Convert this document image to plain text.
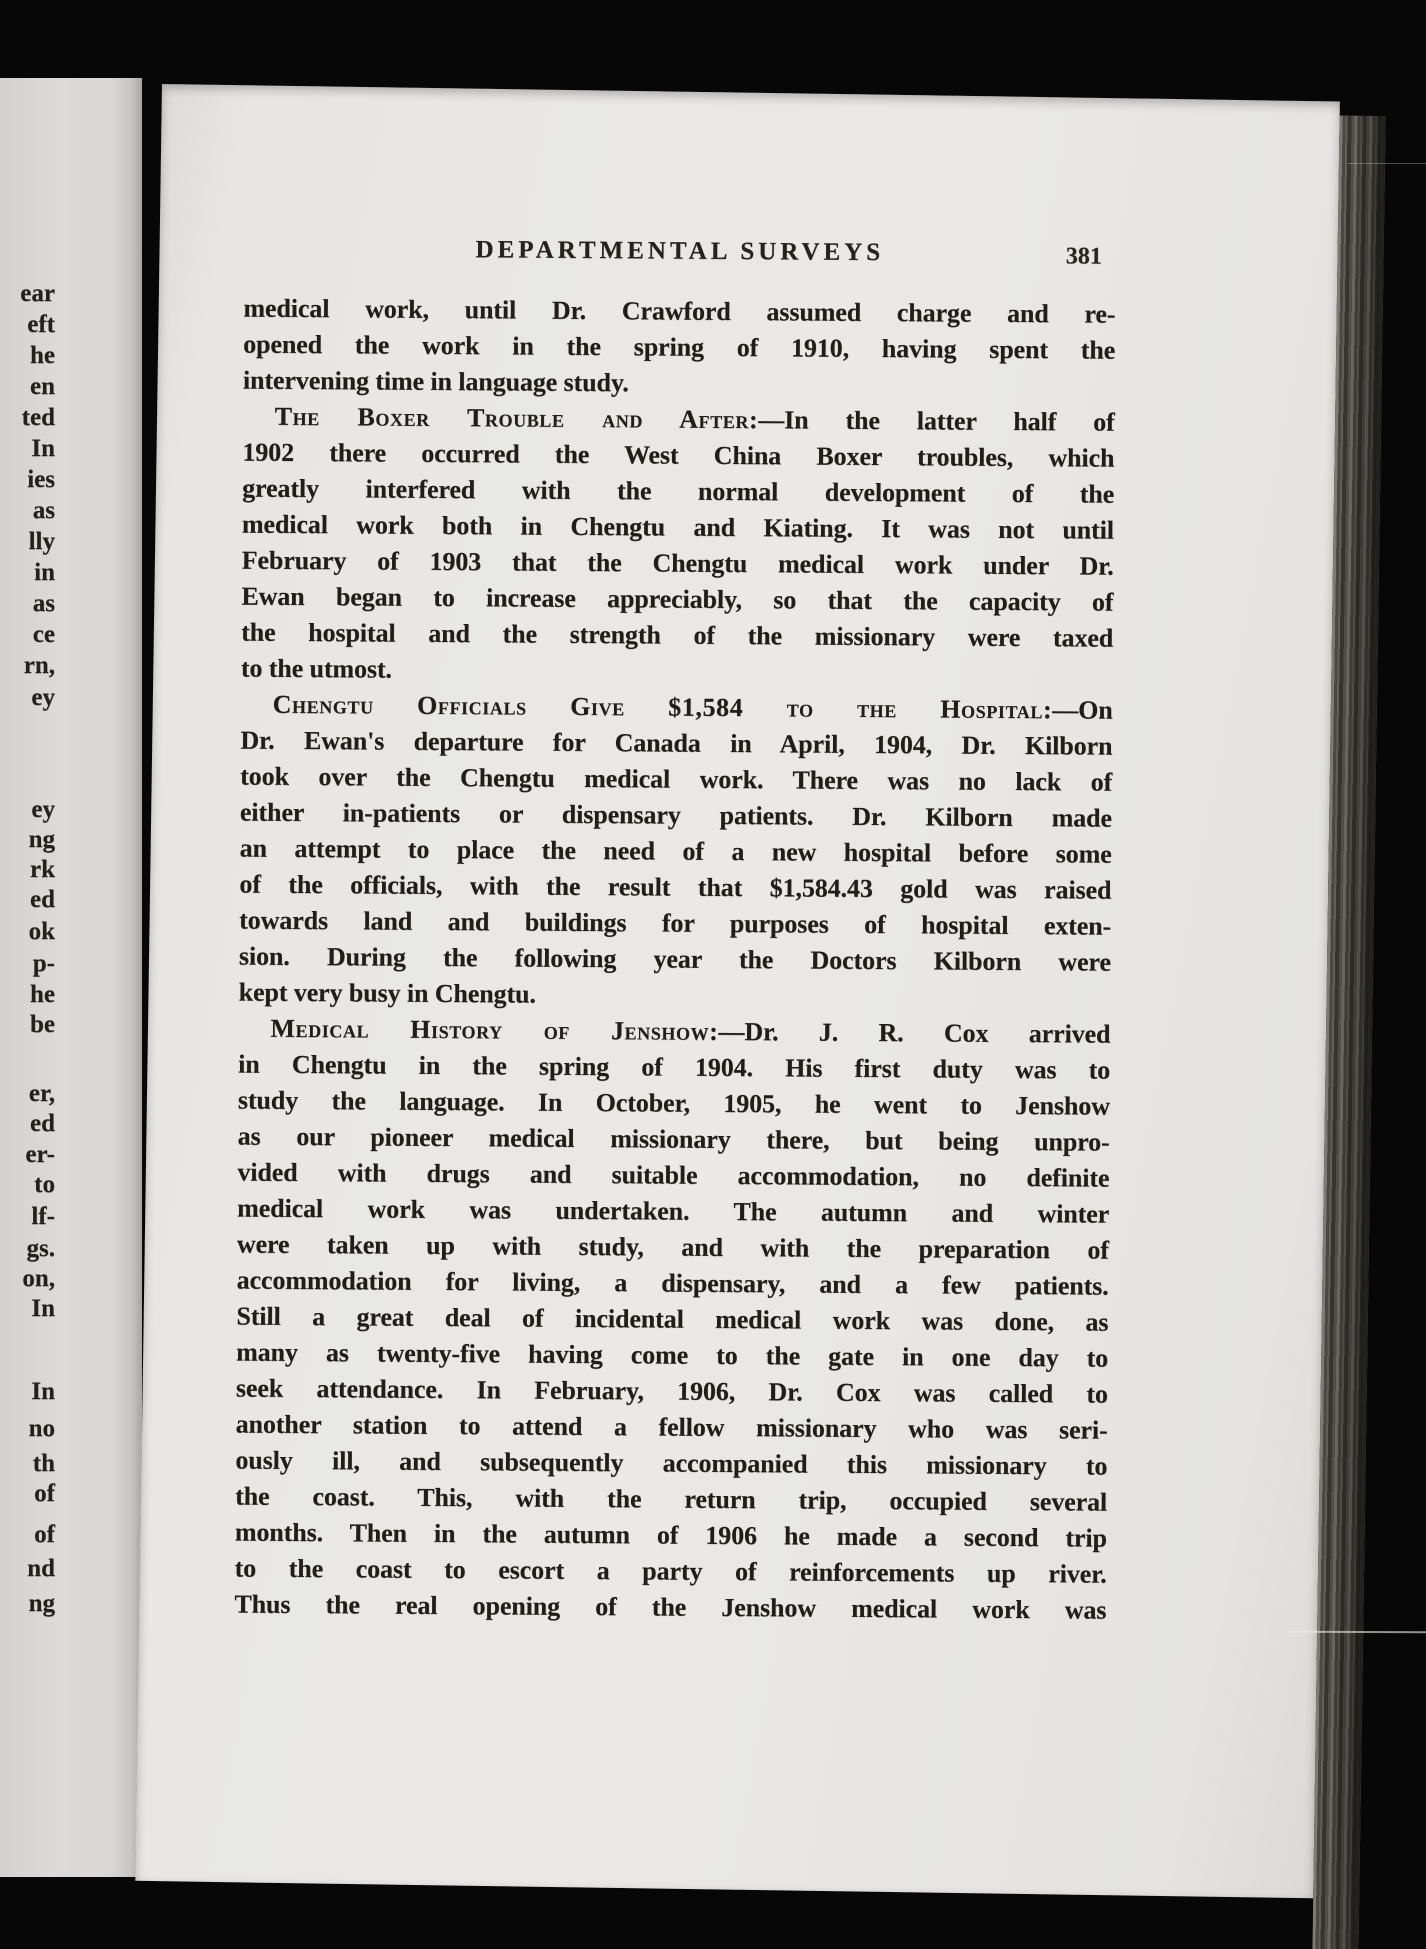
ear
eft
he
en
ted
In
ies
as
lly
in
as
ce
rn,
ey
ey
ng
rk
ed
ok
p-
he
be
er,
ed
er-
to
lf-
gs.
on,
In
In
no
th
of
of
nd
ng
DEPARTMENTAL SURVEYS	381
medical work, until Dr. Crawford assumed charge and re-
opened the work in the spring of 1910, having spent the
intervening time in language study.
The Boxer Trouble and After:—In the latter half of
1902 there occurred the West China Boxer troubles, which
greatly interfered with the normal development of the
medical work both in Chengtu and Kiating. It was not until
February of 1903 that the Chengtu medical work under Dr.
Ewan began to increase appreciably, so that the capacity of
the hospital and the strength of the missionary were taxed
to the utmost.
Chengtu Officials Give $1,584 to the Hospital:—On
Dr. Ewan's departure for Canada in April, 1904, Dr. Kilborn
took over the Chengtu medical work. There was no lack of
either in-patients or dispensary patients. Dr. Kilborn made
an attempt to place the need of a new hospital before some
of the officials, with the result that $1,584.43 gold was raised
towards land and buildings for purposes of hospital exten-
sion. During the following year the Doctors Kilborn were
kept very busy in Chengtu.
Medical History of Jenshow:—Dr. J. R. Cox arrived
in Chengtu in the spring of 1904. His first duty was to
study the language. In October, 1905, he went to Jenshow
as our pioneer medical missionary there, but being unpro-
vided with drugs and suitable accommodation, no definite
medical work was undertaken. The autumn and winter
were taken up with study, and with the preparation of
accommodation for living, a dispensary, and a few patients.
Still a great deal of incidental medical work was done, as
many as twenty-five having come to the gate in one day to
seek attendance. In February, 1906, Dr. Cox was called to
another station to attend a fellow missionary who was seri-
ously ill, and subsequently accompanied this missionary to
the coast. This, with the return trip, occupied several
months. Then in the autumn of 1906 he made a second trip
to the coast to escort a party of reinforcements up river.
Thus the real opening of the Jenshow medical work was
